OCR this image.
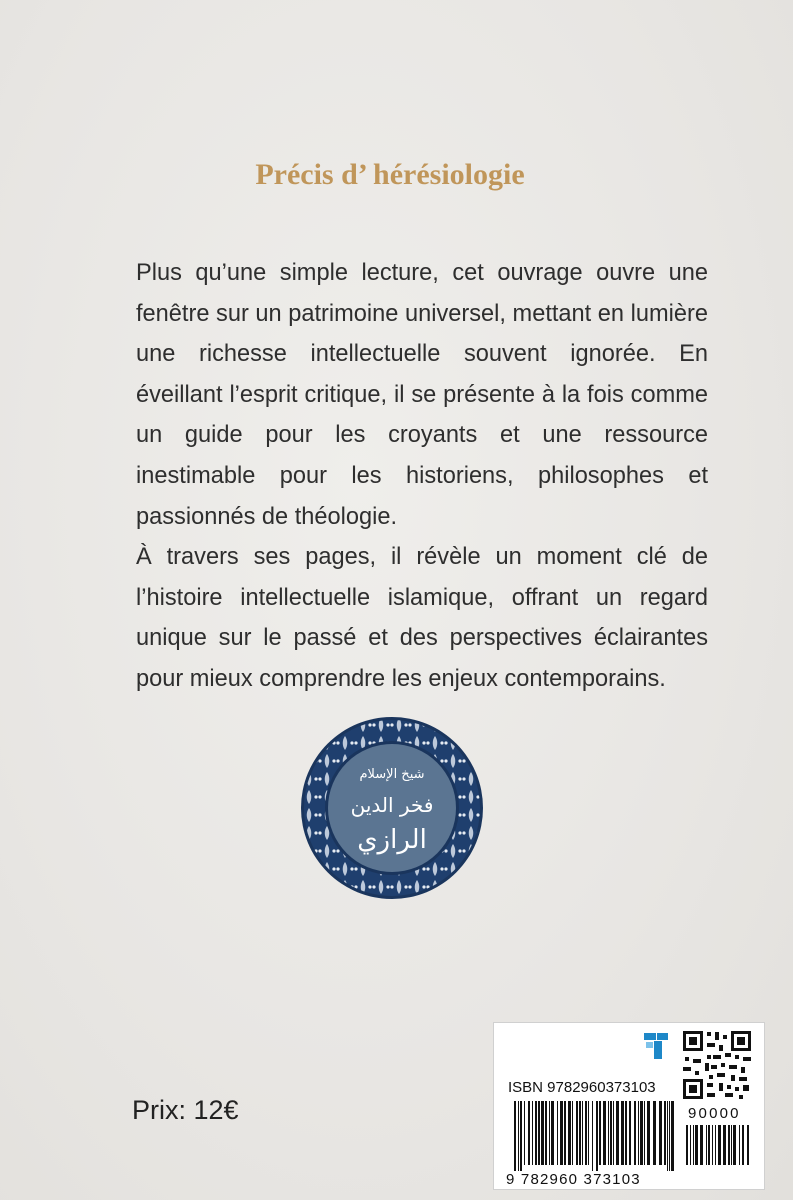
Précis d’ hérésiologie

Plus qu’une simple lecture, cet ouvrage ouvre une fenêtre sur un patrimoine universel, mettant en lumière une richesse intellectuelle souvent ignorée. En éveillant l’esprit critique, il se présente à la fois comme un guide pour les croyants et une ressource inestimable pour les historiens, philosophes et passionnés de théologie.

À travers ses pages, il révèle un moment clé de l’histoire intellectuelle islamique, offrant un regard unique sur le passé et des perspectives éclairantes pour mieux comprendre les enjeux contemporains.

شيخ الإسلام
فخر الدين
الرازي
Prix: 12€
ISBN 9782960373103
90000
9 782960 373103
